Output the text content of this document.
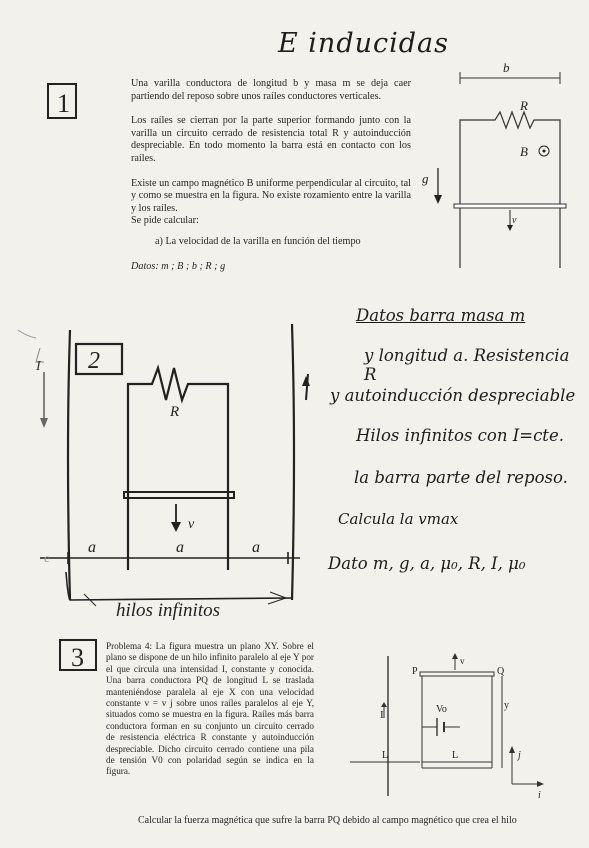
E inducidas
1
Una varilla conductora de longitud b y masa m se deja caer partiendo del reposo sobre unos raíles conductores verticales.
Los raíles se cierran por la parte superior formando junto con la varilla un circuito cerrado de resistencia total R y autoinducción despreciable. En todo momento la barra está en contacto con los raíles.
Existe un campo magnético B uniforme perpendicular al circuito, tal y como se muestra en la figura. No existe rozamiento entre la varilla y los raíles.
Se pide calcular:
a) La velocidad de la varilla en función del tiempo
Datos: m ; B ; b ; R ; g
b
R
B
g
v
I 2
R
v
a	a	a
c
hilos infinitos
Datos barra masa m
y longitud a. Resistencia R
y autoinducción despreciable
Hilos infinitos con I=cte.
la barra parte del reposo.
Calcula la vmax
Dato m, g, a, μ₀, R, I, μ₀
3 Problema 4: La figura muestra un plano XY. Sobre el plano se dispone de un hilo infinito paralelo al eje Y por el que circula una intensidad I, constante y conocida. Una barra conductora PQ de longitud L se traslada manteniéndose paralela al eje X con una velocidad constante v = v j sobre unos raíles paralelos al eje Y, situados como se muestra en la figura. Raíles más barra conductora forman en su conjunto un circuito cerrado de resistencia eléctrica R constante y autoinducción despreciable. Dicho circuito cerrado contiene una pila de tensión V0 con polaridad según se indica en la figura.
I
P	Q
v
Vo	y
L	L	j
i
Calcular la fuerza magnética que sufre la barra PQ debido al campo magnético que crea el hilo
